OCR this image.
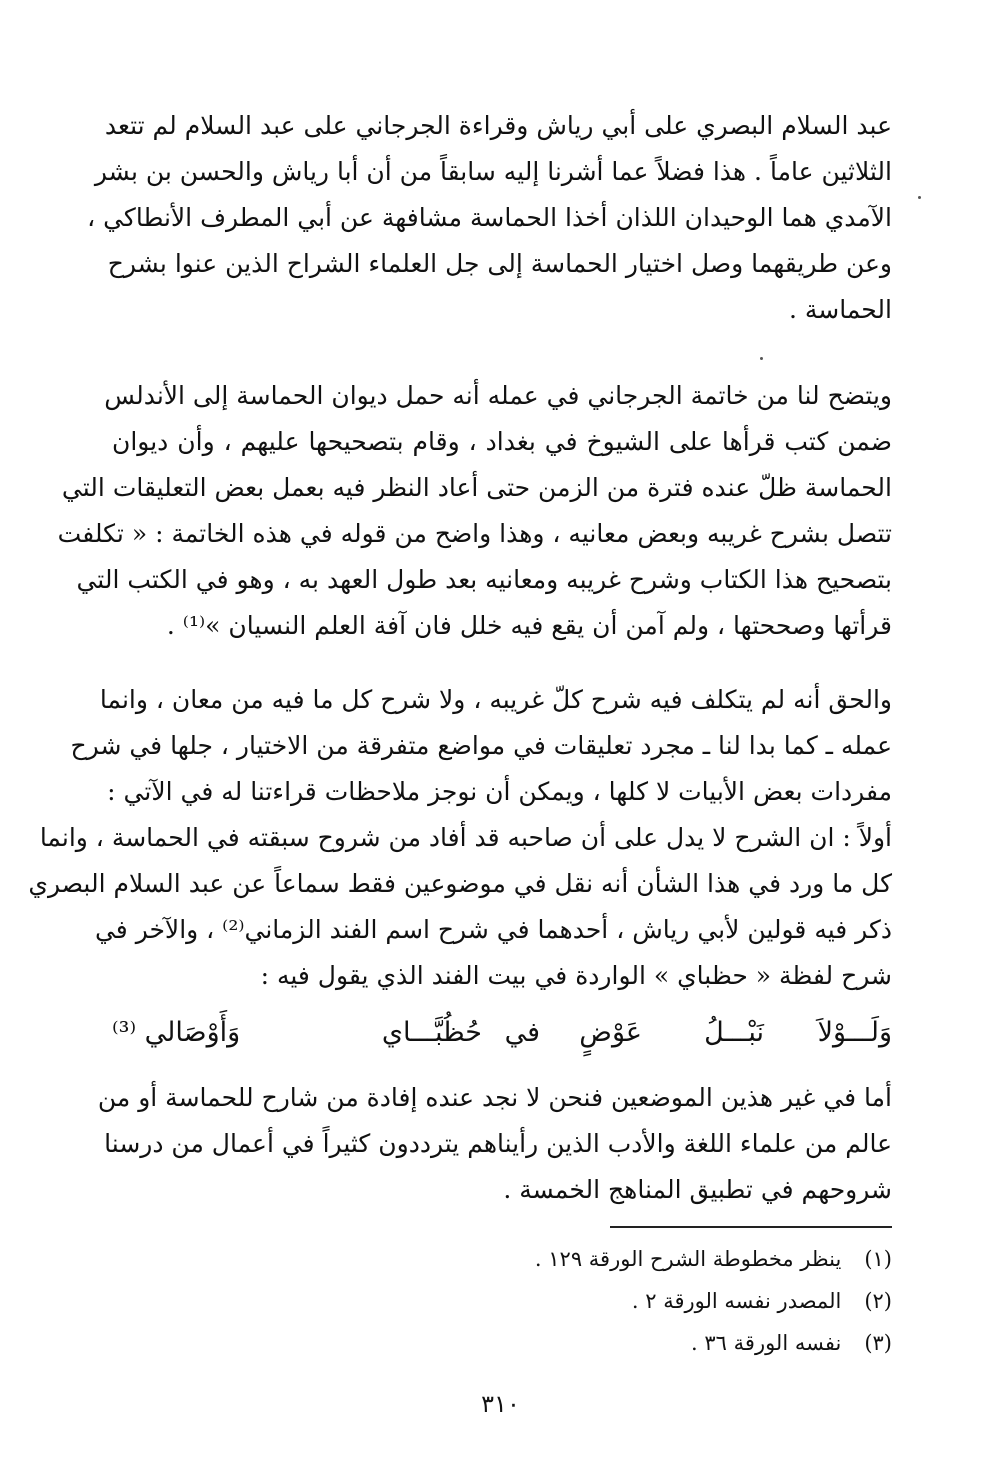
عبد السلام البصري على أبي رياش وقراءة الجرجاني على عبد السلام لم تتعد
الثلاثين عاماً . هذا فضلاً عما أشرنا إليه سابقاً من أن أبا رياش والحسن بن بشر
الآمدي هما الوحيدان اللذان أخذا الحماسة مشافهة عن أبي المطرف الأنطاكي ،
وعن طريقهما وصل اختيار الحماسة إلى جل العلماء الشراح الذين عنوا بشرح
الحماسة .
ويتضح لنا من خاتمة الجرجاني في عمله أنه حمل ديوان الحماسة إلى الأندلس
ضمن كتب قرأها على الشيوخ في بغداد ، وقام بتصحيحها عليهم ، وأن ديوان
الحماسة ظلّ عنده فترة من الزمن حتى أعاد النظر فيه بعمل بعض التعليقات التي
تتصل بشرح غريبه وبعض معانيه ، وهذا واضح من قوله في هذه الخاتمة : « تكلفت
بتصحيح هذا الكتاب وشرح غريبه ومعانيه بعد طول العهد به ، وهو في الكتب التي
قرأتها وصححتها ، ولم آمن أن يقع فيه خلل فان آفة العلم النسيان »⁽¹⁾ .
والحق أنه لم يتكلف فيه شرح كلّ غريبه ، ولا شرح كل ما فيه من معان ، وانما
عمله ـ كما بدا لنا ـ مجرد تعليقات في مواضع متفرقة من الاختيار ، جلها في شرح
مفردات بعض الأبيات لا كلها ، ويمكن أن نوجز ملاحظات قراءتنا له في الآتي :
أولاً : ان الشرح لا يدل على أن صاحبه قد أفاد من شروح سبقته في الحماسة ، وانما
كل ما ورد في هذا الشأن أنه نقل في موضوعين فقط سماعاً عن عبد السلام البصري
ذكر فيه قولين لأبي رياش ، أحدهما في شرح اسم الفند الزماني⁽²⁾ ، والآخر في
شرح لفظة « حظباي » الواردة في بيت الفند الذي يقول فيه :
أما في غير هذين الموضعين فنحن لا نجد عنده إفادة من شارح للحماسة أو من
عالم من علماء اللغة والأدب الذين رأيناهم يترددون كثيراً في أعمال من درسنا
شروحهم في تطبيق المناهج الخمسة .
وَلَـــوْلاَ
نَبْـــلُ
عَوْضٍ
في
حُظُبَّـــاي
وَأَوْصَالي ⁽³⁾
(١) ينظر مخطوطة الشرح الورقة ١٢٩ .
(٢) المصدر نفسه الورقة ٢ .
(٣) نفسه الورقة ٣٦ .
٣١٠
